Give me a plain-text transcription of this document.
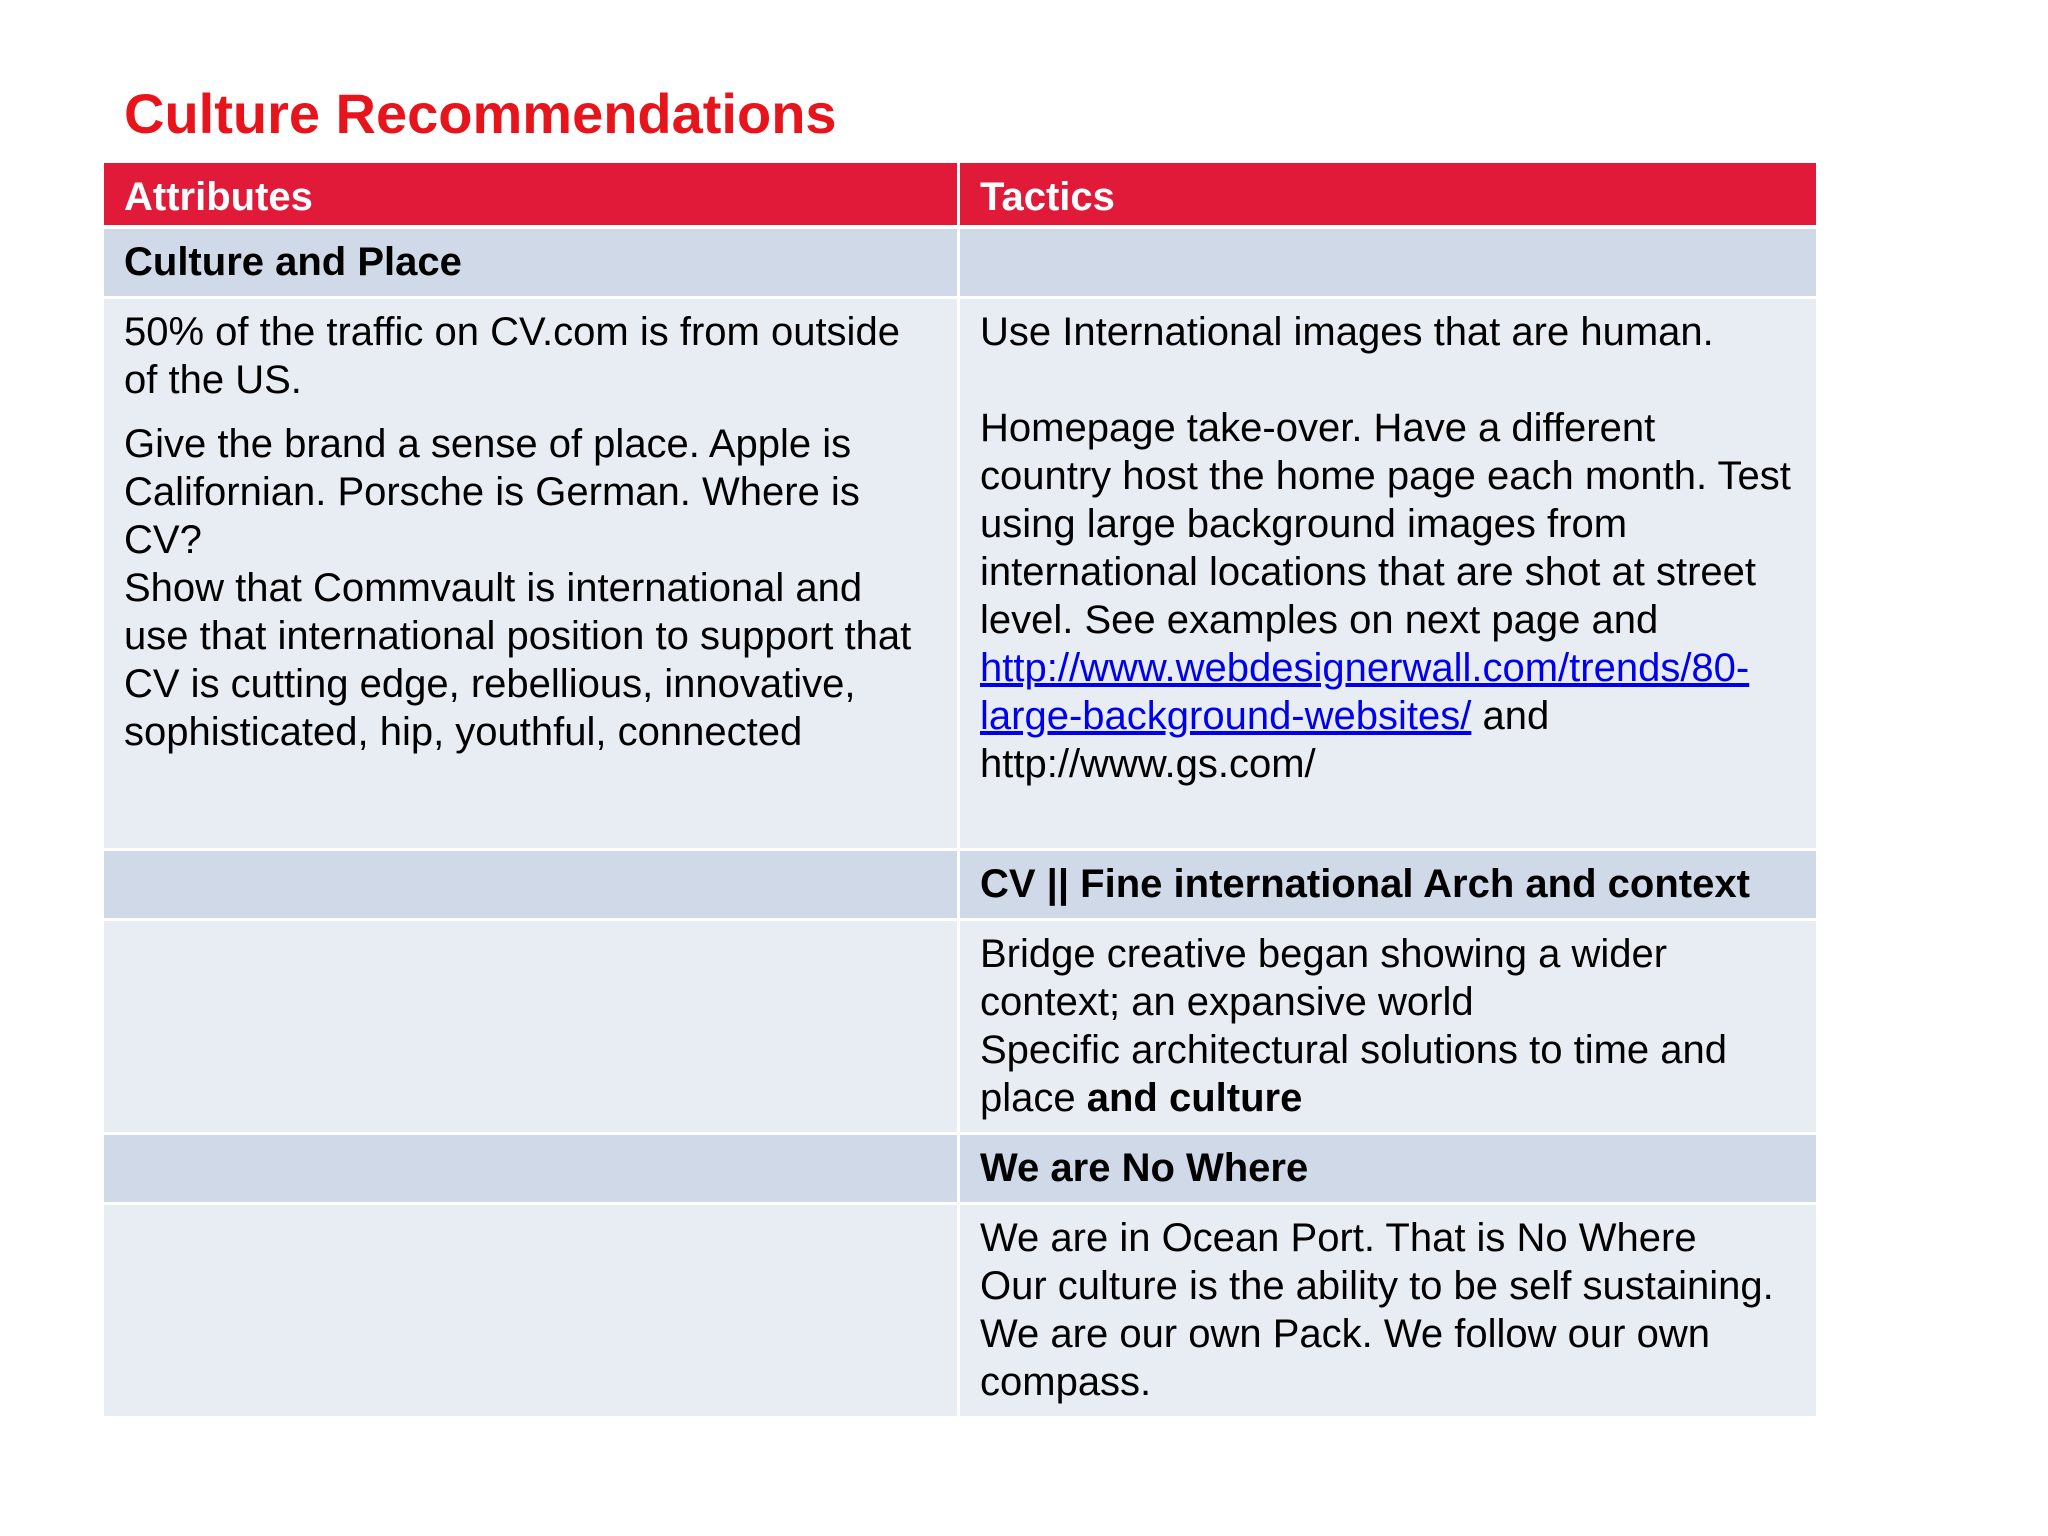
Culture Recommendations
Attributes	Tactics
Culture and Place

50% of the traffic on CV.com is from outside of the US.

Give the brand a sense of place. Apple is Californian. Porsche is German. Where is CV?

Show that Commvault is international and use that international position to support that CV is cutting edge, rebellious, innovative, sophisticated, hip, youthful, connected

Use International images that are human.

Homepage take-over. Have a different country host the home page each month. Test using large background images from international locations that are shot at street level. See examples on next page and http://www.webdesignerwall.com/trends/80-large-background-websites/ and http://www.gs.com/

CV || Fine international Arch and context

Bridge creative began showing a wider context; an expansive world

Specific architectural solutions to time and place and culture

We are No Where

We are in Ocean Port. That is No Where

Our culture is the ability to be self sustaining.

We are our own Pack. We follow our own compass.
